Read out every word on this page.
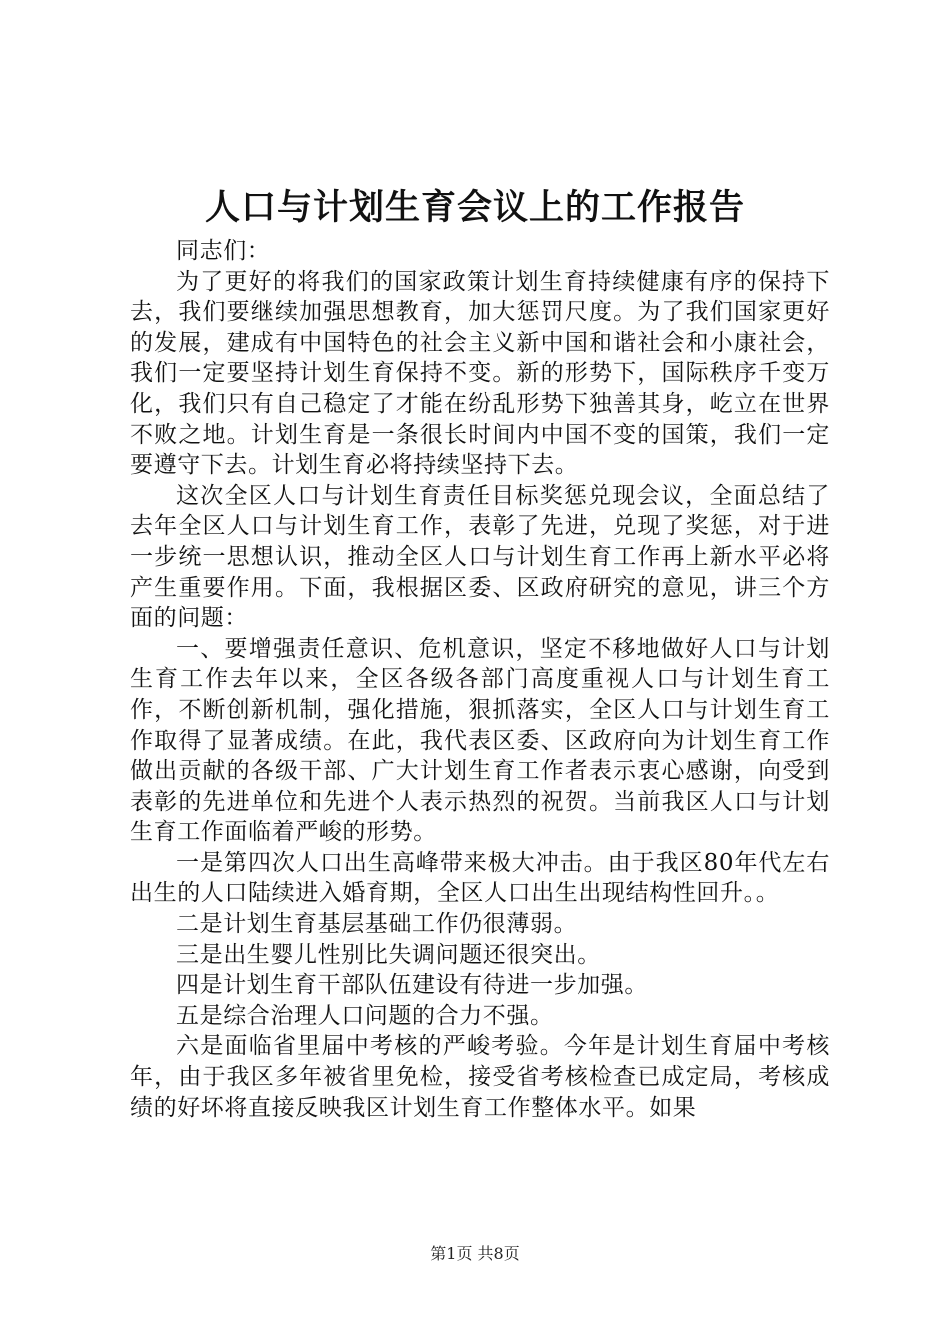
人口与计划生育会议上的工作报告

同志们：

为了更好的将我们的国家政策计划生育持续健康有序的保持下去，我们要继续加强思想教育，加大惩罚尺度。为了我们国家更好的发展，建成有中国特色的社会主义新中国和谐社会和小康社会，我们一定要坚持计划生育保持不变。新的形势下，国际秩序千变万化，我们只有自己稳定了才能在纷乱形势下独善其身，屹立在世界不败之地。计划生育是一条很长时间内中国不变的国策，我们一定要遵守下去。计划生育必将持续坚持下去。

这次全区人口与计划生育责任目标奖惩兑现会议，全面总结了去年全区人口与计划生育工作，表彰了先进，兑现了奖惩，对于进一步统一思想认识，推动全区人口与计划生育工作再上新水平必将产生重要作用。下面，我根据区委、区政府研究的意见，讲三个方面的问题：

一、要增强责任意识、危机意识，坚定不移地做好人口与计划生育工作去年以来，全区各级各部门高度重视人口与计划生育工作，不断创新机制，强化措施，狠抓落实，全区人口与计划生育工作取得了显著成绩。在此，我代表区委、区政府向为计划生育工作做出贡献的各级干部、广大计划生育工作者表示衷心感谢，向受到表彰的先进单位和先进个人表示热烈的祝贺。当前我区人口与计划生育工作面临着严峻的形势。

一是第四次人口出生高峰带来极大冲击。由于我区80年代左右出生的人口陆续进入婚育期，全区人口出生出现结构性回升。。

二是计划生育基层基础工作仍很薄弱。

三是出生婴儿性别比失调问题还很突出。

四是计划生育干部队伍建设有待进一步加强。

五是综合治理人口问题的合力不强。

六是面临省里届中考核的严峻考验。今年是计划生育届中考核年，由于我区多年被省里免检，接受省考核检查已成定局，考核成绩的好坏将直接反映我区计划生育工作整体水平。如果

第1页 共8页
